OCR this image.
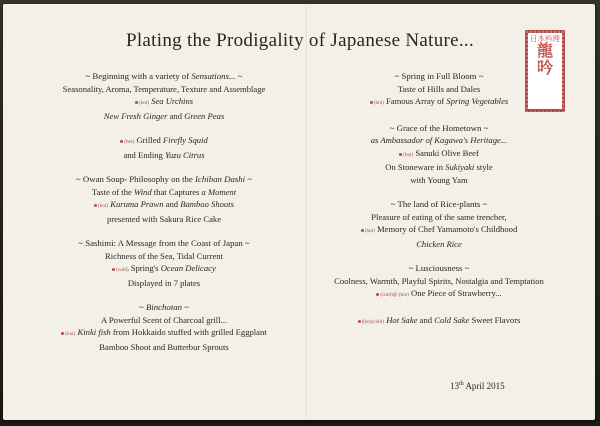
Plating the Prodigality of Japanese Nature...	日本料理
龍
吟
~ Beginning with a variety of Sensations... ~
Seasonality, Aroma, Temperature, Texture and Assemblage
(hot) Sea Urchins
New Fresh Ginger and Green Peas
(hot) Grilled Firefly Squid
and Ending Yuzu Citrus
~ Owan Soup- Philosophy on the Ichiban Dashi ~
Taste of the Wind that Captures a Moment
(hot) Kuruma Prawn and Bamboo Shoots
presented with Sakura Rice Cake
~ Sashimi: A Message from the Coast of Japan ~
Richness of the Sea, Tidal Current
(cold) Spring's Ocean Delicacy
Displayed in 7 plates
~ Binchotan ~
A Powerful Scent of Charcoal grill...
(hot) Kinki fish from Hokkaido stuffed with grilled Eggplant
Bamboo Shoot and Butterbur Sprouts
~ Spring in Full Bloom ~
Taste of Hills and Dales
(hot) Famous Array of Spring Vegetables
~ Grace of the Hometown ~
as Ambassador of Kagawa's Heritage...
(hot) Sanuki Olive Beef
On Stoneware in Sukiyaki style
with Young Yam
~ The land of Rice-plants ~
Pleasure of eating of the same trencher,
(hot) Memory of Chef Yamamoto's Childhood
Chicken Rice
~ Lusciousness ~
Coolness, Warmth, Playful Spirits, Nostalgia and Temptation
(cold)@ (hot) One Piece of Strawberry...
(hot)(cold) Hot Sake and Cold Sake Sweet Flavors
13th April 2015
